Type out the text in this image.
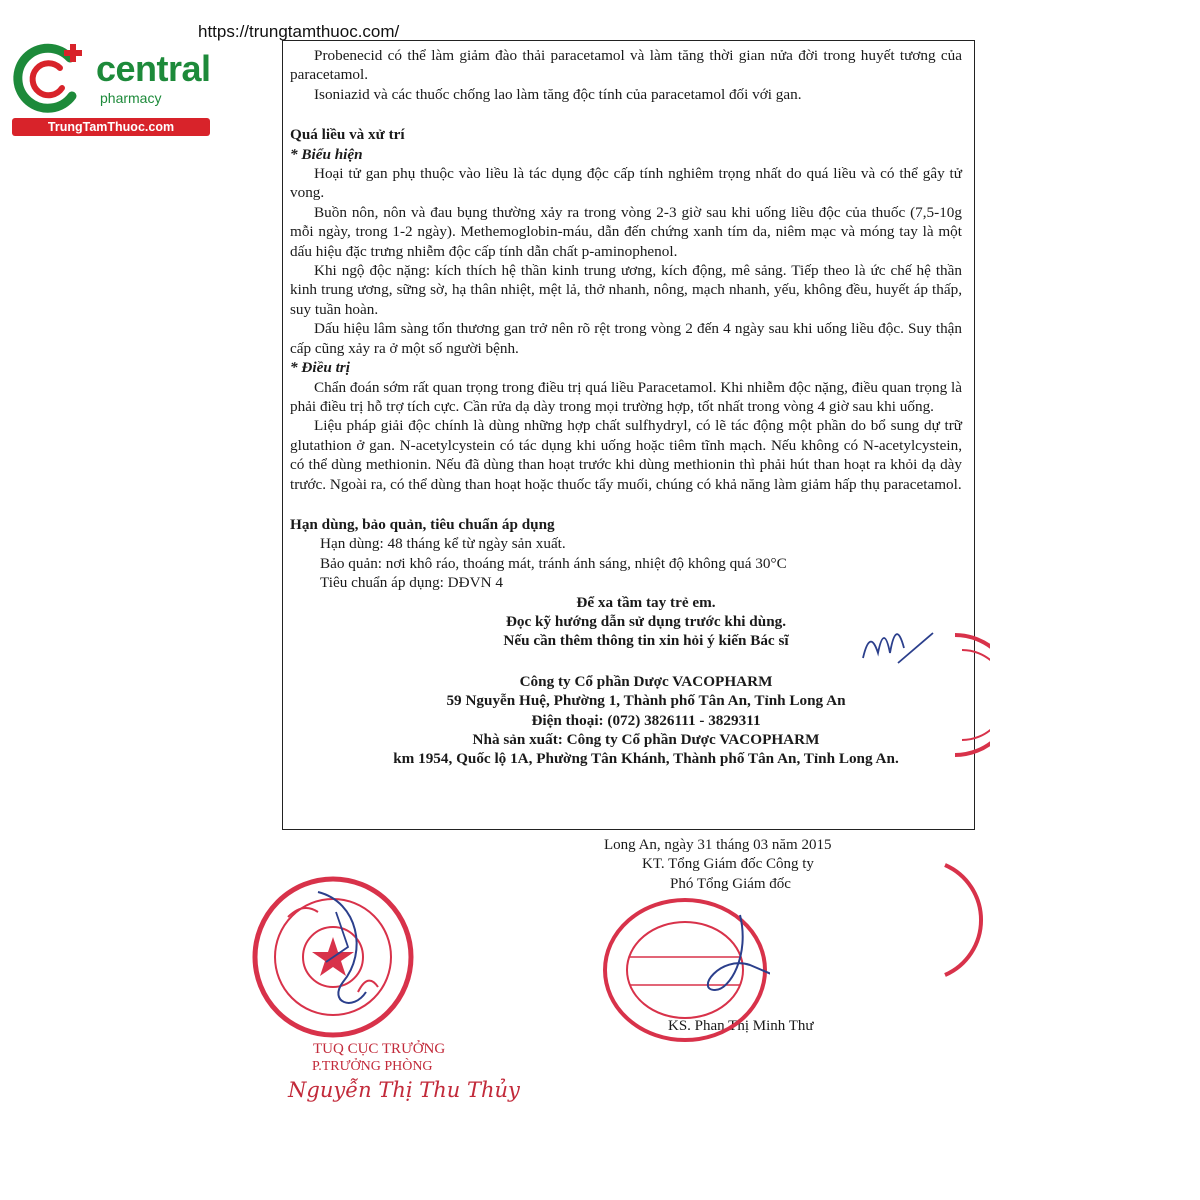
https://trungtamthuoc.com/
central
pharmacy
TrungTamThuoc.com

Probenecid có thể làm giảm đào thải paracetamol và làm tăng thời gian nửa đời trong huyết tương của paracetamol.

Isoniazid và các thuốc chống lao làm tăng độc tính của paracetamol đối với gan.

Quá liều và xử trí

* Biểu hiện

Hoại tử gan phụ thuộc vào liều là tác dụng độc cấp tính nghiêm trọng nhất do quá liều và có thể gây tử vong.

Buồn nôn, nôn và đau bụng thường xảy ra trong vòng 2-3 giờ sau khi uống liều độc của thuốc (7,5-10g mỗi ngày, trong 1-2 ngày). Methemoglobin-máu, dẫn đến chứng xanh tím da, niêm mạc và móng tay là một dấu hiệu đặc trưng nhiễm độc cấp tính dẫn chất p-aminophenol.

Khi ngộ độc nặng: kích thích hệ thần kinh trung ương, kích động, mê sảng. Tiếp theo là ức chế hệ thần kinh trung ương, sững sờ, hạ thân nhiệt, mệt lả, thở nhanh, nông, mạch nhanh, yếu, không đều, huyết áp thấp, suy tuần hoàn.

Dấu hiệu lâm sàng tổn thương gan trở nên rõ rệt trong vòng 2 đến 4 ngày sau khi uống liều độc. Suy thận cấp cũng xảy ra ở một số người bệnh.

* Điều trị

Chẩn đoán sớm rất quan trọng trong điều trị quá liều Paracetamol. Khi nhiễm độc nặng, điều quan trọng là phải điều trị hỗ trợ tích cực. Cần rửa dạ dày trong mọi trường hợp, tốt nhất trong vòng 4 giờ sau khi uống.

Liệu pháp giải độc chính là dùng những hợp chất sulfhydryl, có lẽ tác động một phần do bổ sung dự trữ glutathion ở gan. N-acetylcystein có tác dụng khi uống hoặc tiêm tĩnh mạch. Nếu không có N-acetylcystein, có thể dùng methionin. Nếu đã dùng than hoạt trước khi dùng methionin thì phải hút than hoạt ra khỏi dạ dày trước. Ngoài ra, có thể dùng than hoạt hoặc thuốc tẩy muối, chúng có khả năng làm giảm hấp thụ paracetamol.

Hạn dùng, bảo quản, tiêu chuẩn áp dụng

Hạn dùng: 48 tháng kể từ ngày sản xuất.

Bảo quản: nơi khô ráo, thoáng mát, tránh ánh sáng, nhiệt độ không quá 30°C

Tiêu chuẩn áp dụng: DĐVN 4

Để xa tầm tay trẻ em.

Đọc kỹ hướng dẫn sử dụng trước khi dùng.

Nếu cần thêm thông tin xin hỏi ý kiến Bác sĩ

Công ty Cổ phần Dược VACOPHARM

59 Nguyễn Huệ, Phường 1, Thành phố Tân An, Tỉnh Long An

Điện thoại: (072) 3826111 - 3829311

Nhà sản xuất: Công ty Cổ phần Dược VACOPHARM

km 1954, Quốc lộ 1A, Phường Tân Khánh, Thành phố Tân An, Tỉnh Long An.

Long An, ngày 31 tháng 03 năm 2015
KT. Tổng Giám đốc Công ty
Phó Tổng Giám đốc
KS. Phan Thị Minh Thư
TUQ CỤC TRƯỞNG
P.TRƯỞNG PHÒNG
Nguyễn Thị Thu Thủy
